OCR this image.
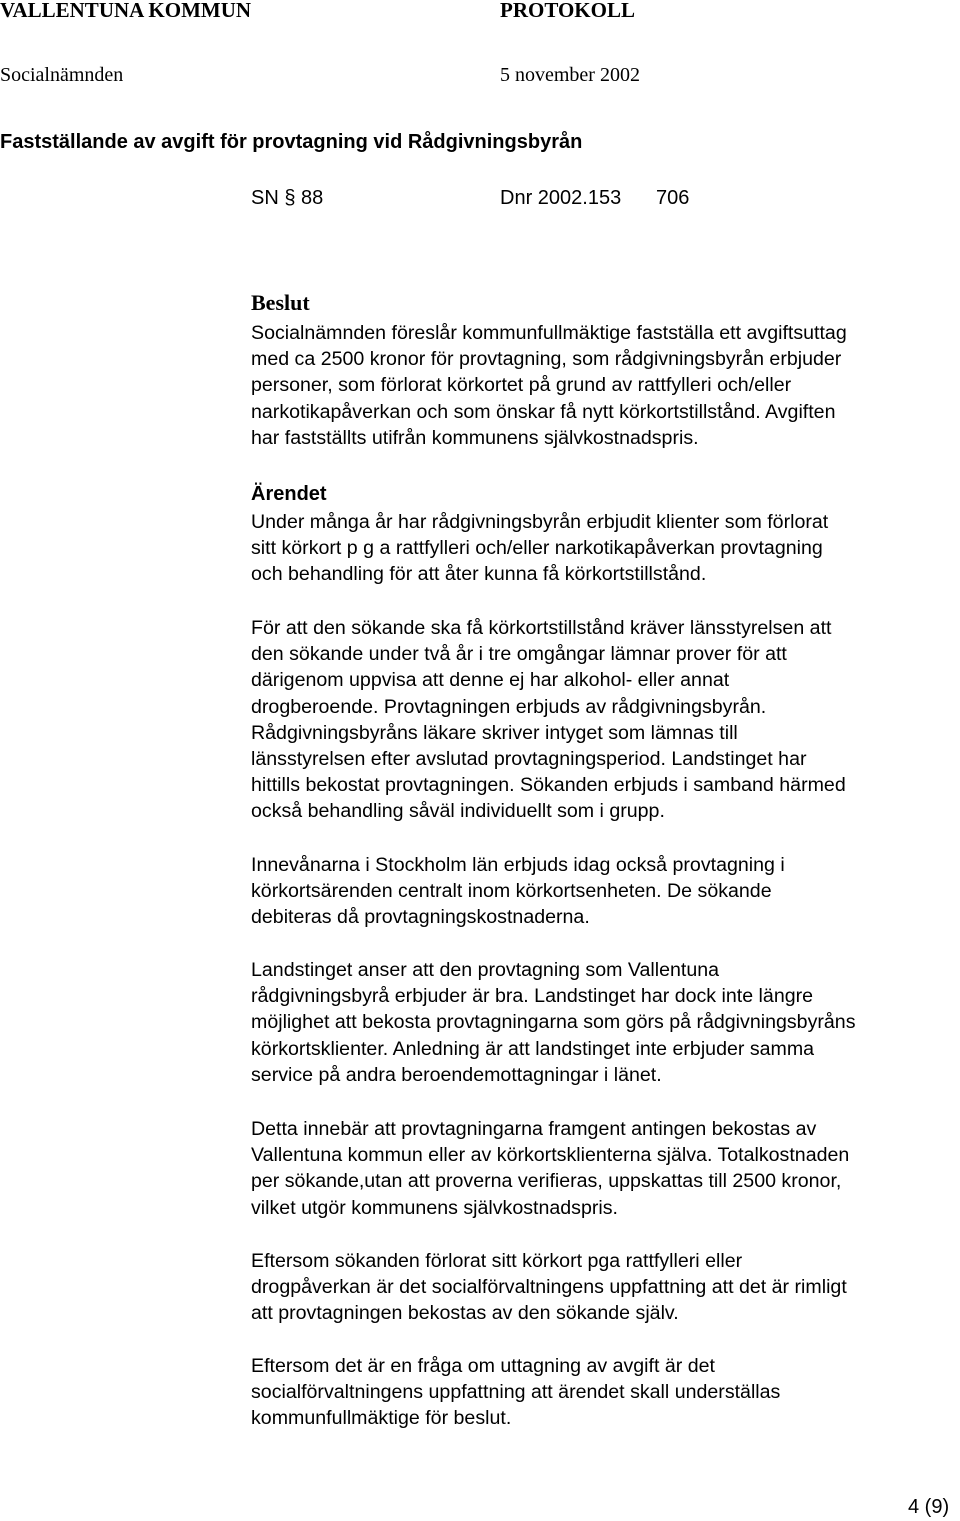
VALLENTUNA KOMMUN	PROTOKOLL
Socialnämnden	5 november 2002
Fastställande av avgift för provtagning vid Rådgivningsbyrån
SN § 88	Dnr 2002.153 706
Beslut
Socialnämnden föreslår kommunfullmäktige fastställa ett avgiftsuttag
med ca 2500 kronor för provtagning, som rådgivningsbyrån erbjuder
personer, som förlorat körkortet på grund av rattfylleri och/eller
narkotikapåverkan och som önskar få nytt körkortstillstånd. Avgiften
har fastställts utifrån kommunens självkostnadspris.
Ärendet
Under många år har rådgivningsbyrån erbjudit klienter som förlorat
sitt körkort p g a rattfylleri och/eller narkotikapåverkan provtagning
och behandling för att åter kunna få körkortstillstånd.
För att den sökande ska få körkortstillstånd kräver länsstyrelsen att
den sökande under två år i tre omgångar lämnar prover för att
därigenom uppvisa att denne ej har alkohol- eller annat
drogberoende. Provtagningen erbjuds av rådgivningsbyrån.
Rådgivningsbyråns läkare skriver intyget som lämnas till
länsstyrelsen efter avslutad provtagningsperiod. Landstinget har
hittills bekostat provtagningen. Sökanden erbjuds i samband härmed
också behandling såväl individuellt som i grupp.
Innevånarna i Stockholm län erbjuds idag också provtagning i
körkortsärenden centralt inom körkortsenheten. De sökande
debiteras då provtagningskostnaderna.
Landstinget anser att den provtagning som Vallentuna
rådgivningsbyrå erbjuder är bra. Landstinget har dock inte längre
möjlighet att bekosta provtagningarna som görs på rådgivningsbyråns
körkortsklienter. Anledning är att landstinget inte erbjuder samma
service på andra beroendemottagningar i länet.
Detta innebär att provtagningarna framgent antingen bekostas av
Vallentuna kommun eller av körkortsklienterna själva. Totalkostnaden
per sökande,utan att proverna verifieras, uppskattas till 2500 kronor,
vilket utgör kommunens självkostnadspris.
Eftersom sökanden förlorat sitt körkort pga rattfylleri eller
drogpåverkan är det socialförvaltningens uppfattning att det är rimligt
att provtagningen bekostas av den sökande själv.
Eftersom det är en fråga om uttagning av avgift är det
socialförvaltningens uppfattning att ärendet skall underställas
kommunfullmäktige för beslut.
4 (9)
